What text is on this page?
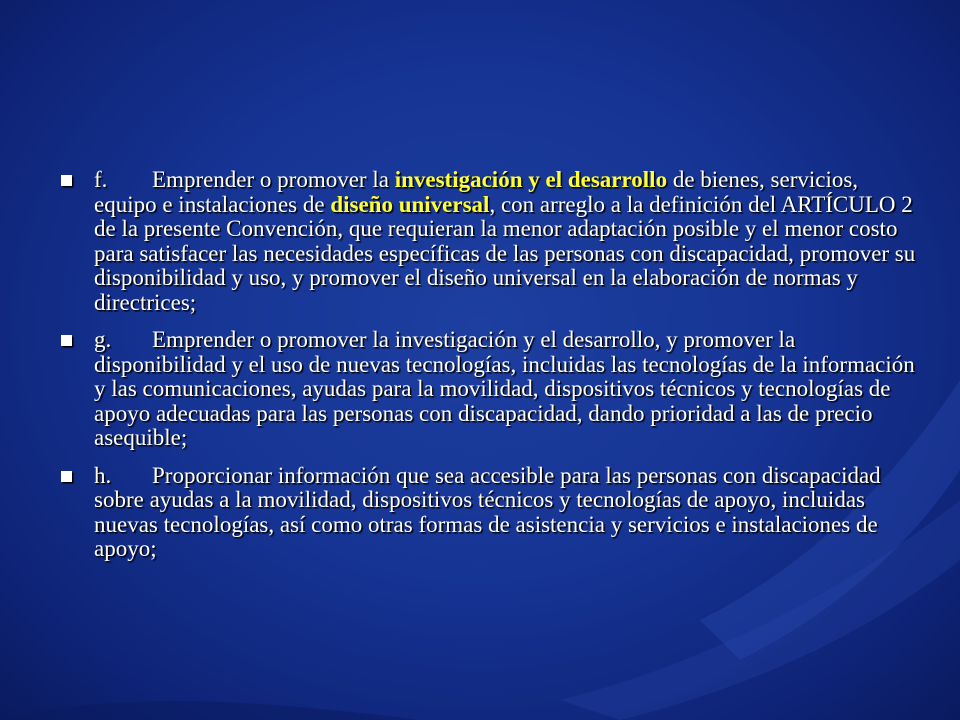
f. Emprender o promover la investigación y el desarrollo de bienes, servicios, equipo e instalaciones de diseño universal, con arreglo a la definición del ARTÍCULO 2 de la presente Convención, que requieran la menor adaptación posible y el menor costo para satisfacer las necesidades específicas de las personas con discapacidad, promover su disponibilidad y uso, y promover el diseño universal en la elaboración de normas y directrices;
g. Emprender o promover la investigación y el desarrollo, y promover la disponibilidad y el uso de nuevas tecnologías, incluidas las tecnologías de la información y las comunicaciones, ayudas para la movilidad, dispositivos técnicos y tecnologías de apoyo adecuadas para las personas con discapacidad, dando prioridad a las de precio asequible;
h. Proporcionar información que sea accesible para las personas con discapacidad sobre ayudas a la movilidad, dispositivos técnicos y tecnologías de apoyo, incluidas nuevas tecnologías, así como otras formas de asistencia y servicios e instalaciones de apoyo;
